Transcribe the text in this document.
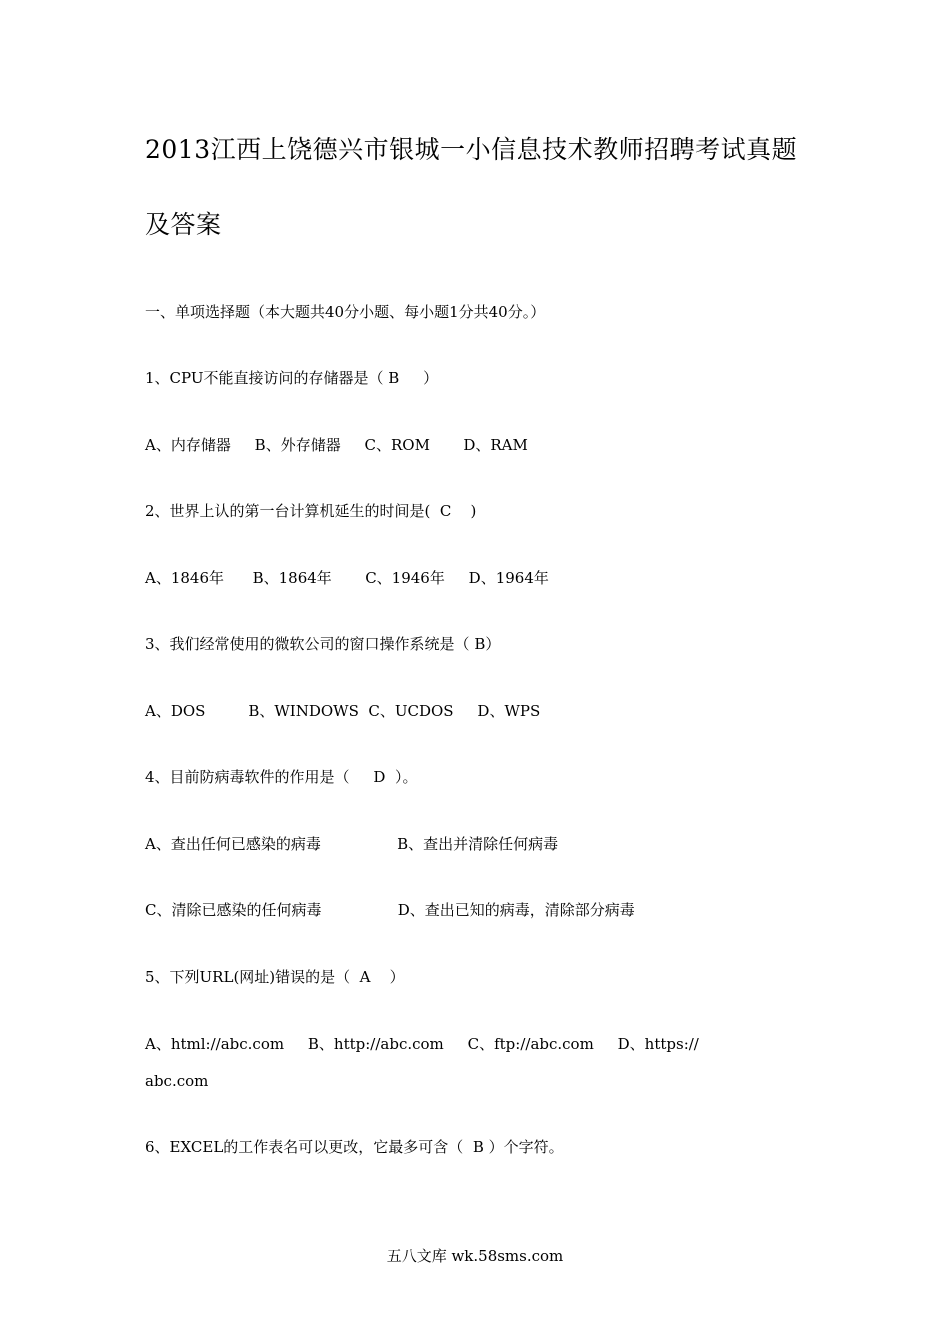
2013江西上饶德兴市银城一小信息技术教师招聘考试真题
及答案
一、单项选择题（本大题共40分小题、每小题1分共40分。）
1、CPU不能直接访问的存储器是（ B     ）
A、内存储器     B、外存储器     C、ROM       D、RAM
2、世界上认的第一台计算机延生的时间是(  C    )
A、1846年      B、1864年       C、1946年     D、1964年
3、我们经常使用的微软公司的窗口操作系统是（ B）
A、DOS         B、WINDOWS  C、UCDOS     D、WPS
4、目前防病毒软件的作用是（     D  ）。
A、查出任何已感染的病毒                B、查出并清除任何病毒
C、清除已感染的任何病毒                D、查出已知的病毒，清除部分病毒
5、下列URL(网址)错误的是（  A    ）
A、html://abc.com     B、http://abc.com     C、ftp://abc.com     D、https://
abc.com
6、EXCEL的工作表名可以更改，它最多可含（  B ）个字符。
五八文库 wk.58sms.com
